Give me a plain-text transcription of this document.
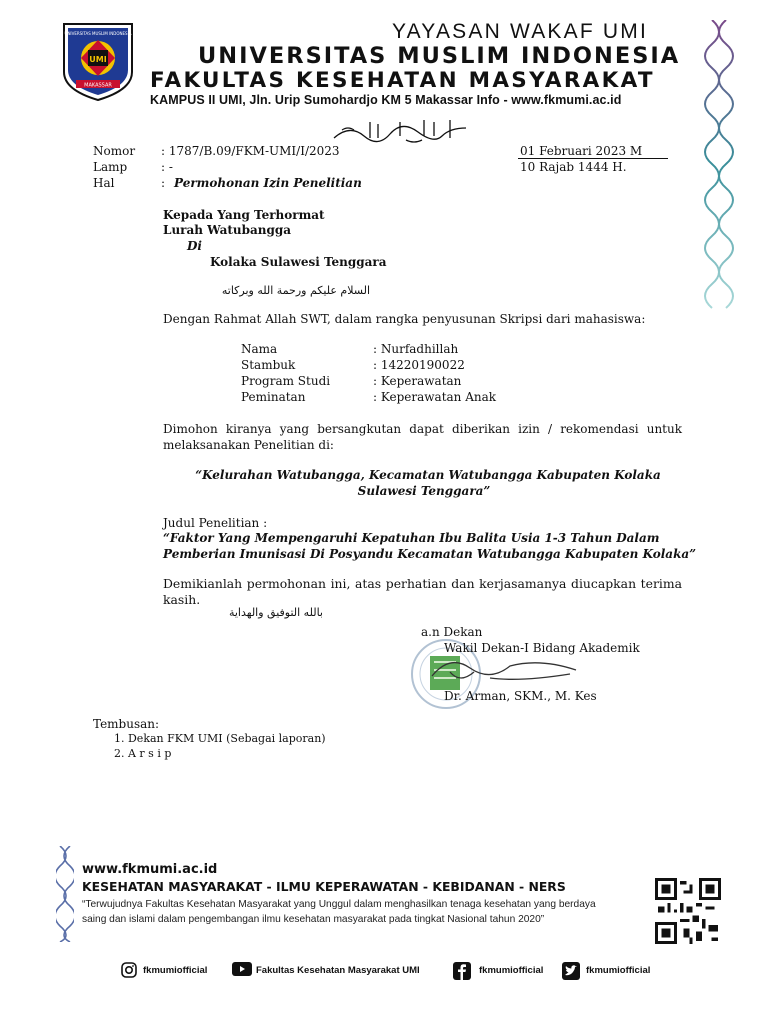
UMI
UNIVERSITAS MUSLIM INDONESIA
MAKASSAR
YAYASAN WAKAF UMI
UNIVERSITAS MUSLIM INDONESIA
FAKULTAS KESEHATAN MASYARAKAT
KAMPUS II UMI, Jln. Urip Sumohardjo KM 5 Makassar Info - www.fkmumi.ac.id
Nomor : 1787/B.09/FKM-UMI/I/2023
Lamp	: -
Hal	: Permohonan Izin Penelitian
01 Februari 2023 M
10 Rajab 1444 H.
Kepada Yang Terhormat
Lurah Watubangga
Di
Kolaka Sulawesi Tenggara
السلام عليكم ورحمة الله وبركاته
Dengan Rahmat Allah SWT, dalam rangka penyusunan Skripsi dari mahasiswa:
Nama	: Nurfadhillah
Stambuk	: 14220190022
Program Studi	: Keperawatan
Peminatan	: Keperawatan Anak
Dimohon kiranya yang bersangkutan dapat diberikan izin / rekomendasi untuk melaksanakan Penelitian di:
“Kelurahan Watubangga, Kecamatan Watubangga Kabupaten Kolaka
Sulawesi Tenggara”
Judul Penelitian :
“Faktor Yang Mempengaruhi Kepatuhan Ibu Balita Usia 1-3 Tahun Dalam
Pemberian Imunisasi Di Posyandu Kecamatan Watubangga Kabupaten Kolaka”
Demikianlah permohonan ini, atas perhatian dan kerjasamanya diucapkan terima kasih.
بالله التوفيق والهداية
a.n Dekan
Wakil Dekan-I Bidang Akademik
Dr. Arman, SKM., M. Kes
Tembusan:
1. Dekan FKM UMI (Sebagai laporan)
2. A r s i p
www.fkmumi.ac.id
KESEHATAN MASYARAKAT - ILMU KEPERAWATAN - KEBIDANAN - NERS
“Terwujudnya Fakultas Kesehatan Masyarakat yang Unggul dalam menghasilkan tenaga kesehatan yang berdaya saing dan islami dalam pengembangan ilmu kesehatan masyarakat pada tingkat Nasional tahun 2020”
fkmumiofficial	Fakultas Kesehatan Masyarakat UMI	fkmumiofficial	fkmumiofficial
